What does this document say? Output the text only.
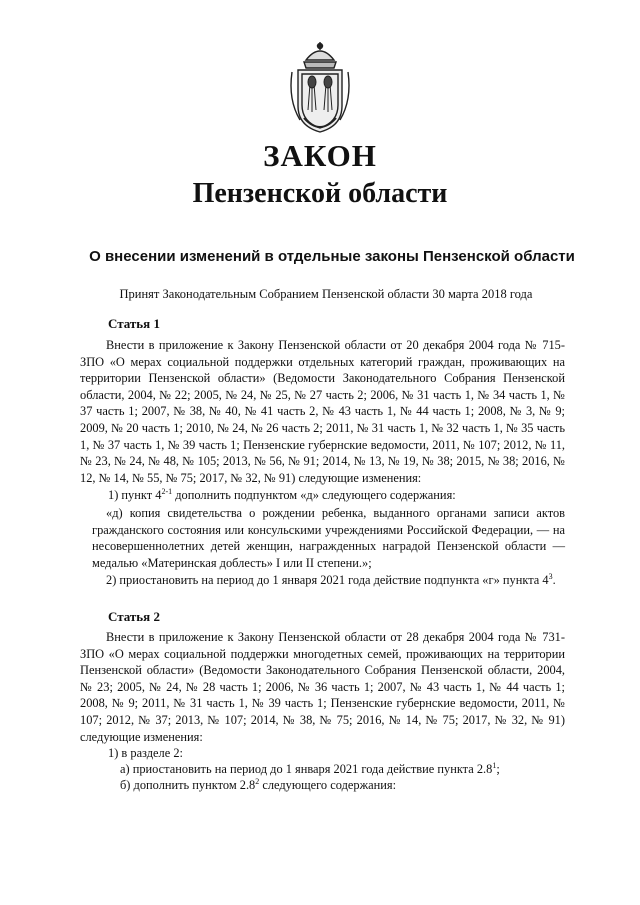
ЗАКОН
Пензенской области
О внесении изменений в отдельные законы Пензенской области
Принят Законодательным Собранием Пензенской области 30 марта 2018 года
Статья 1

Внести в приложение к Закону Пензенской области от 20 декабря 2004 года № 715-ЗПО «О мерах социальной поддержки отдельных категорий граждан, проживающих на территории Пензенской области» (Ведомости Законодательного Собрания Пензенской области, 2004, № 22; 2005, № 24, № 25, № 27 часть 2; 2006, № 31 часть 1, № 34 часть 1, № 37 часть 1; 2007, № 38, № 40, № 41 часть 2, № 43 часть 1, № 44 часть 1; 2008, № 3, № 9; 2009, № 20 часть 1; 2010, № 24, № 26 часть 2; 2011, № 31 часть 1, № 32 часть 1, № 35 часть 1, № 37 часть 1, № 39 часть 1; Пензенские губернские ведомости, 2011, № 107; 2012, № 11, № 23, № 24, № 48, № 105; 2013, № 56, № 91; 2014, № 13, № 19, № 38; 2015, № 38; 2016, № 12, № 14, № 55, № 75; 2017, № 32, № 91) следующие изменения:

1) пункт 4$^{2-1}$ дополнить подпунктом «д» следующего содержания:

«д) копия свидетельства о рождении ребенка, выданного органами записи актов гражданского состояния или консульскими учреждениями Российской Федерации, — на несовершеннолетних детей женщин, награжденных наградой Пензенской области — медалью «Материнская доблесть» I или II степени.»;

2) приостановить на период до 1 января 2021 года действие подпункта «г» пункта $4^3$.

Статья 2

Внести в приложение к Закону Пензенской области от 28 декабря 2004 года № 731-ЗПО «О мерах социальной поддержки многодетных семей, проживающих на территории Пензенской области» (Ведомости Законодательного Собрания Пензенской области, 2004, № 23; 2005, № 24, № 28 часть 1; 2006, № 36 часть 1; 2007, № 43 часть 1, № 44 часть 1; 2008, № 9; 2011, № 31 часть 1, № 39 часть 1; Пензенские губернские ведомости, 2011, № 107; 2012, № 37; 2013, № 107; 2014, № 38, № 75; 2016, № 14, № 75; 2017, № 32, № 91) следующие изменения:

1) в разделе 2:

а) приостановить на период до 1 января 2021 года действие пункта $2.8^1$;

б) дополнить пунктом $2.8^2$ следующего содержания:
